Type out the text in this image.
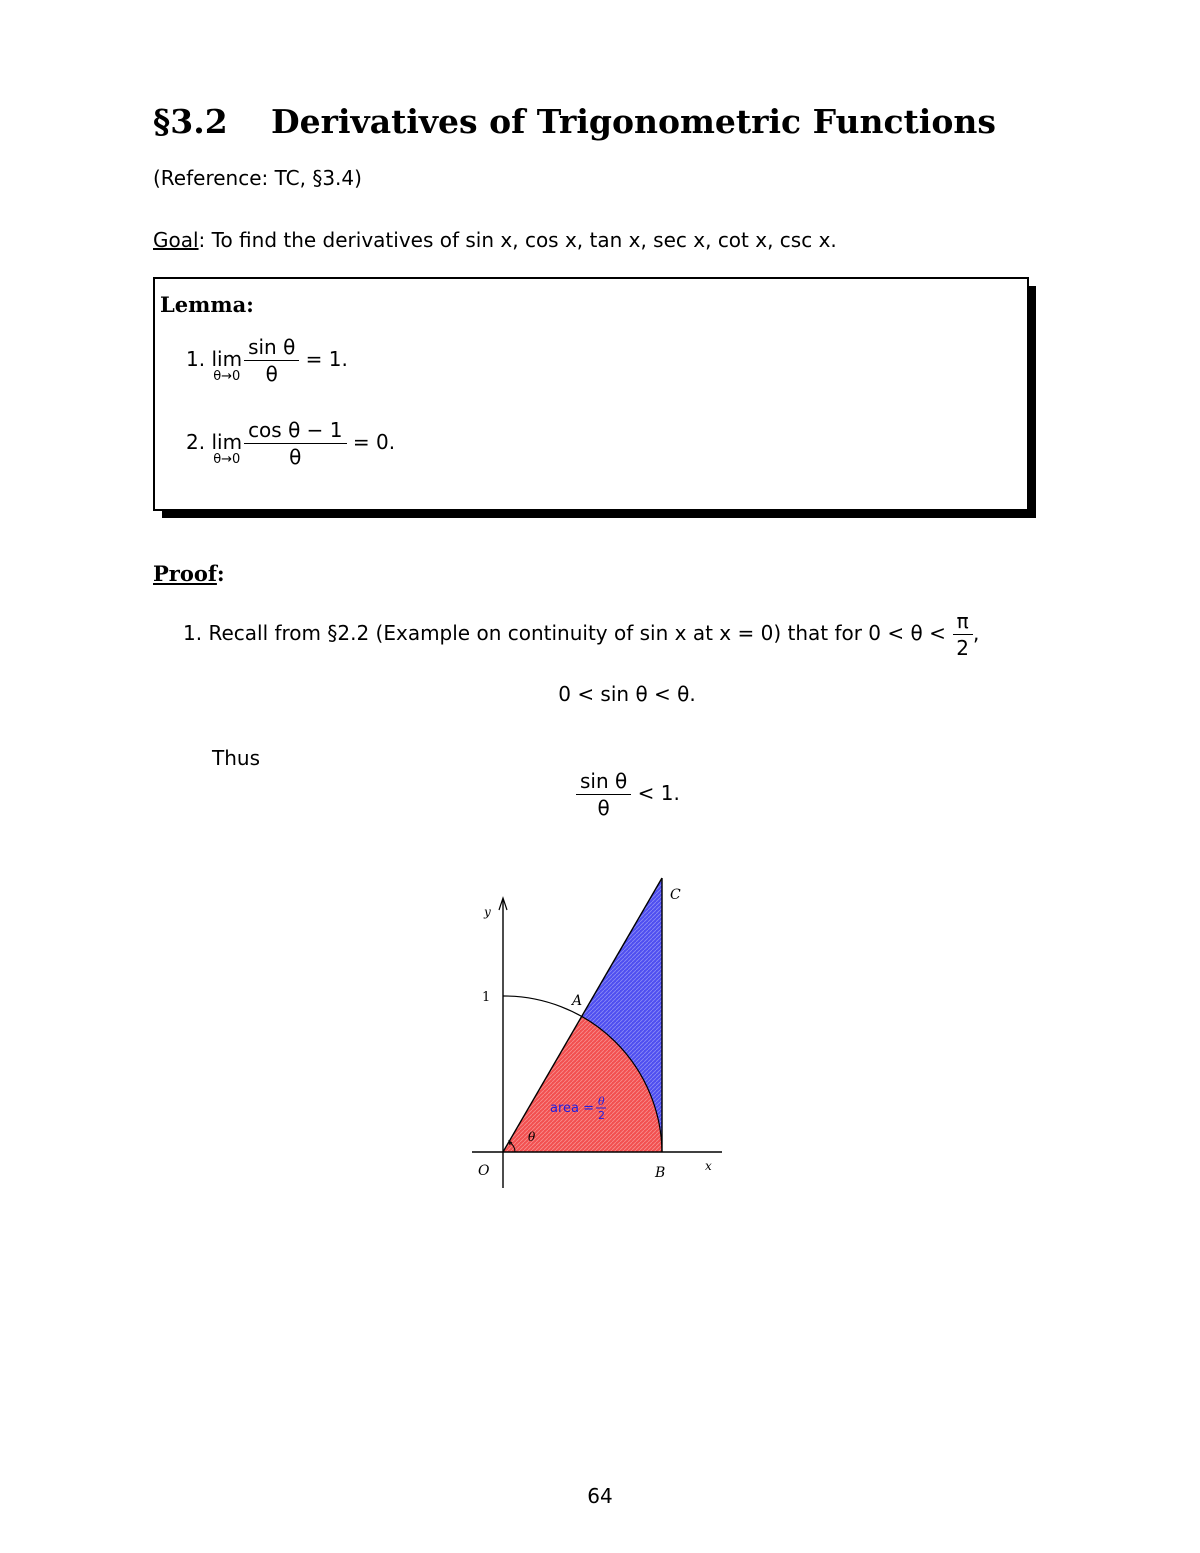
§3.2 Derivatives of Trigonometric Functions
(Reference: TC, §3.4)
Goal: To find the derivatives of sin x, cos x, tan x, sec x, cot x, csc x.
Lemma:
1. lim
$\theta\to 0 \frac{\text{sin θ}}{\theta} = 1$.
2. lim
$\theta\to 0 \frac{\text{cos θ − 1}}{\theta} = 0$.
Proof:
1. Recall from §2.2 (Example on continuity of sin x at x = 0) that for $0 < \theta < \frac{\pi}{2}$ ,
0 < sin θ < θ.
Thus
$\frac{\text{sin θ}}{\theta} < 1$.
y
x
1
O
A
B
C
θ
area = θ
2
64
